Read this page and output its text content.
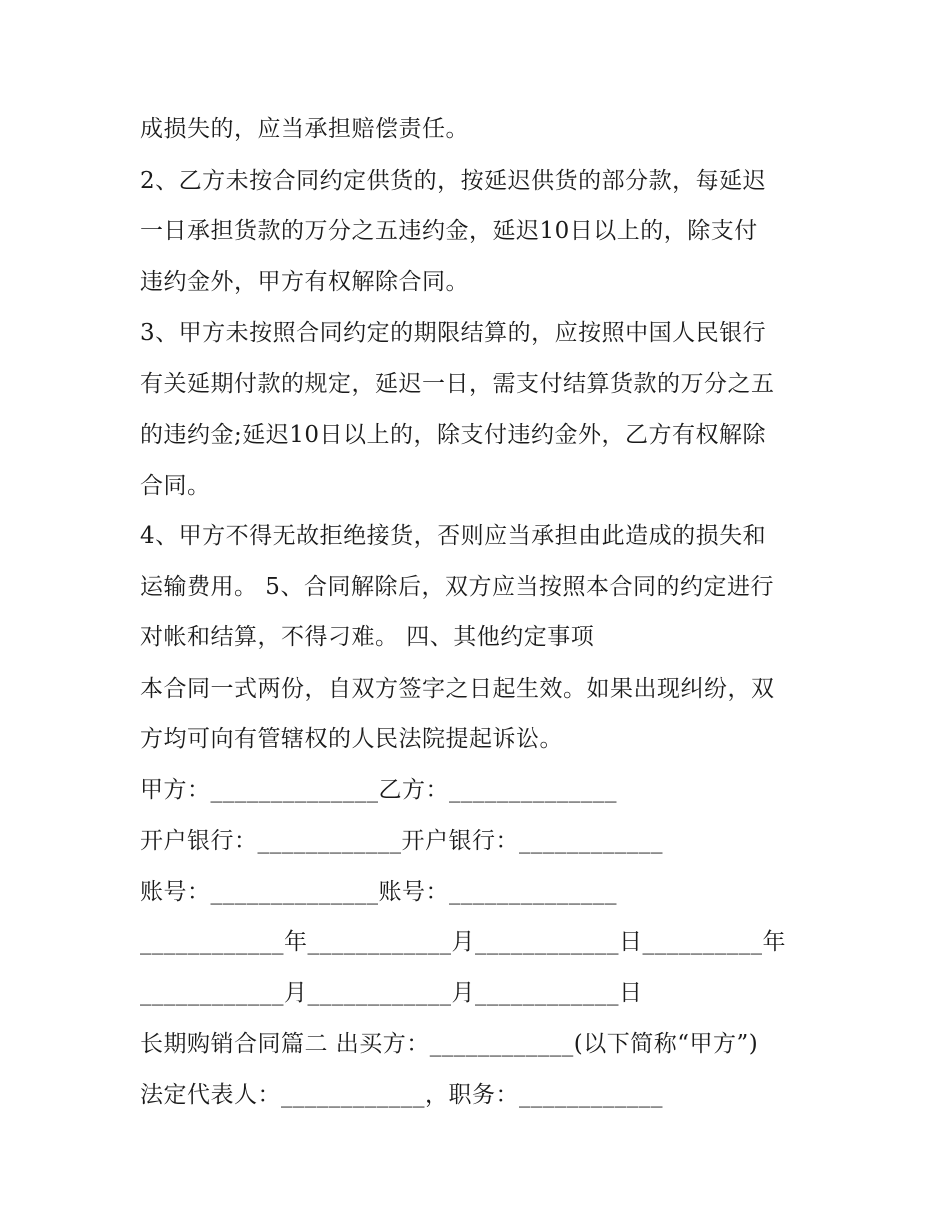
成损失的，应当承担赔偿责任。
2、乙方未按合同约定供货的，按延迟供货的部分款，每延迟
一日承担货款的万分之五违约金，延迟10日以上的，除支付
违约金外，甲方有权解除合同。
3、甲方未按照合同约定的期限结算的，应按照中国人民银行
有关延期付款的规定，延迟一日，需支付结算货款的万分之五
的违约金;延迟10日以上的，除支付违约金外，乙方有权解除
合同。
4、甲方不得无故拒绝接货，否则应当承担由此造成的损失和
运输费用。 5、合同解除后，双方应当按照本合同的约定进行
对帐和结算，不得刁难。 四、其他约定事项
本合同一式两份，自双方签字之日起生效。如果出现纠纷，双
方均可向有管辖权的人民法院提起诉讼。
甲方：______________乙方：______________
开户银行：____________开户银行：____________
账号：______________账号：______________
____________年____________月____________日__________年
____________月____________月____________日
长期购销合同篇二 出买方：____________(以下简称“甲方”)
法定代表人：____________，职务：____________
